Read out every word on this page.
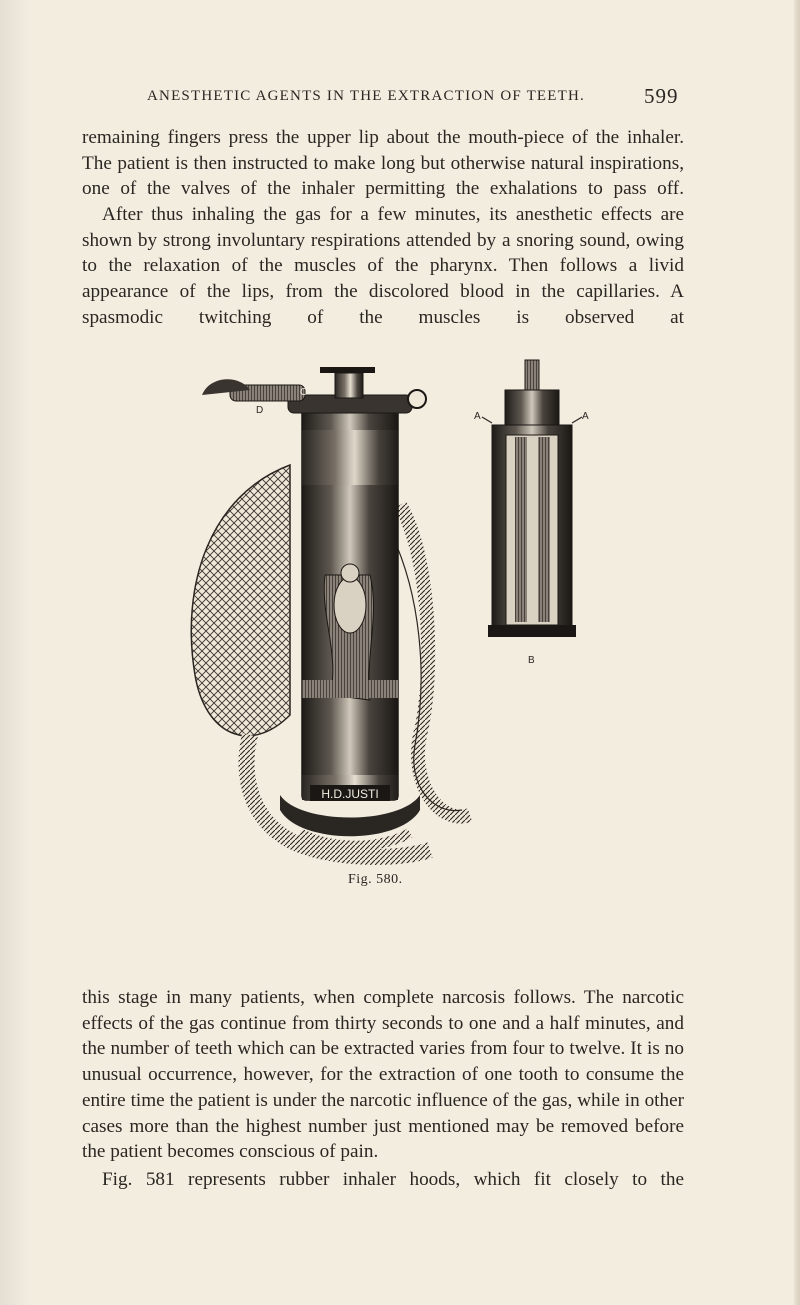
ANESTHETIC AGENTS IN THE EXTRACTION OF TEETH.	599

remaining fingers press the upper lip about the mouth-piece of the inhaler. The patient is then instructed to make long but otherwise natural inspirations, one of the valves of the inhaler permitting the exhalations to pass off.

After thus inhaling the gas for a few minutes, its anesthetic effects are shown by strong involuntary respirations attended by a snoring sound, owing to the relaxation of the muscles of the pharynx. Then follows a livid appearance of the lips, from the discolored blood in the capillaries. A spasmodic twitching of the muscles is observed at

H.D.JUSTI
D
C
A	A
B
Fig. 580.

this stage in many patients, when complete narcosis follows. The narcotic effects of the gas continue from thirty seconds to one and a half minutes, and the number of teeth which can be extracted varies from four to twelve. It is no unusual occurrence, however, for the extraction of one tooth to consume the entire time the patient is under the narcotic influence of the gas, while in other cases more than the highest number just mentioned may be removed before the patient becomes conscious of pain.

Fig. 581 represents rubber inhaler hoods, which fit closely to the
